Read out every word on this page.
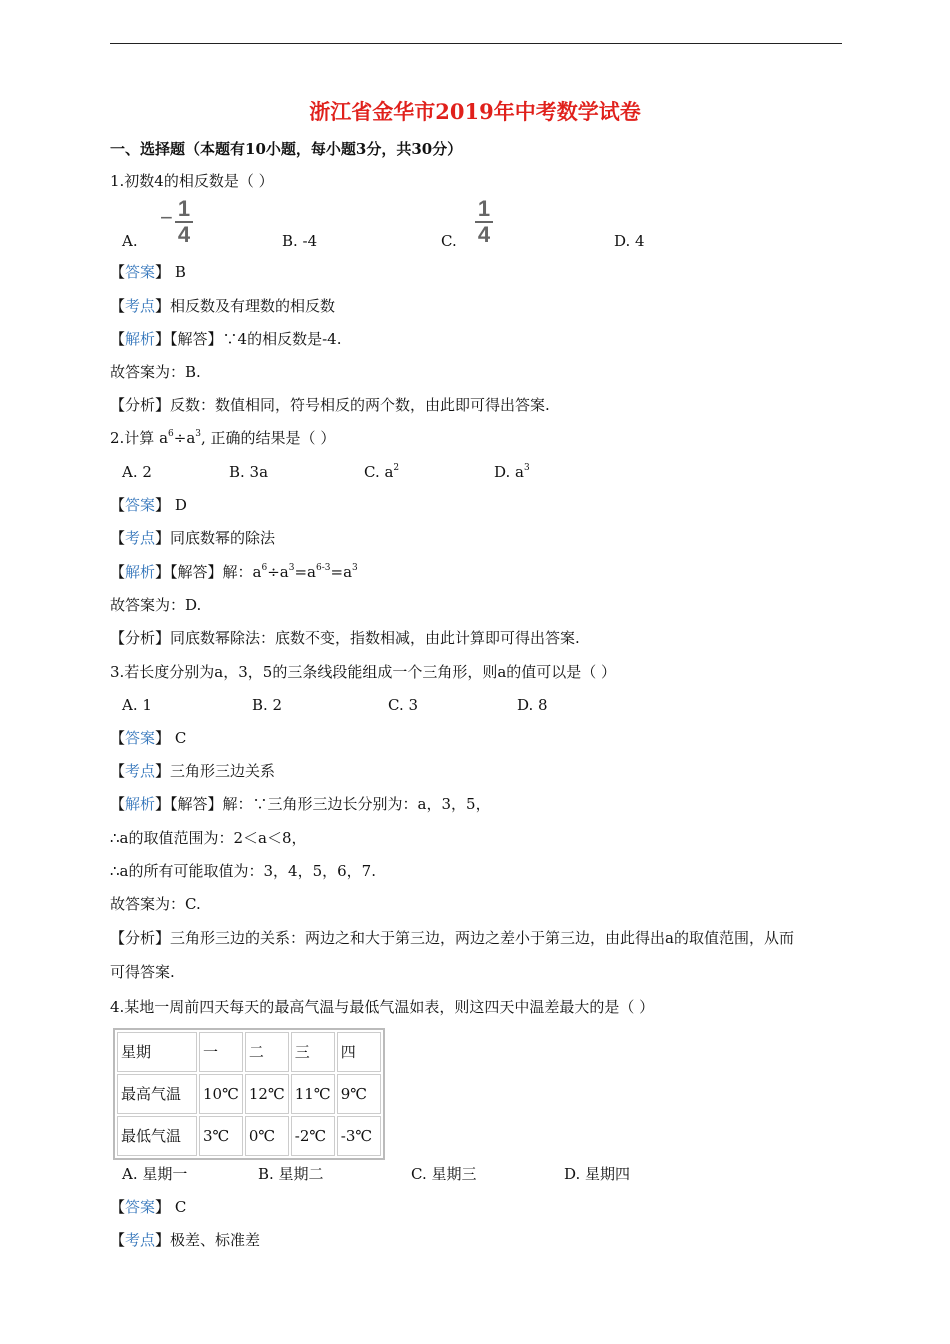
浙江省金华市2019年中考数学试卷
一、选择题（本题有10小题，每小题3分，共30分）
1.初数4的相反数是（ ）
A.
− 1
4	B. -4	C.
1
4	D. 4
【答案】 B
【考点】相反数及有理数的相反数
【解析】【解答】∵4的相反数是-4.
故答案为：B.
【分析】反数：数值相同，符号相反的两个数，由此即可得出答案.
2.计算 $a^6\div a^3$, 正确的结果是（ ）
A. 2	B. 3a	C. $a^2$	D. $a^3$
【答案】 D
【考点】同底数幂的除法
【解析】【解答】解：$a^6\div a^3=a^{6-3}=a^3$
故答案为：D.
【分析】同底数幂除法：底数不变，指数相减，由此计算即可得出答案.
3.若长度分别为a，3，5的三条线段能组成一个三角形，则a的值可以是（ ）
A. 1	B. 2	C. 3	D. 8
【答案】 C
【考点】三角形三边关系
【解析】【解答】解：∵三角形三边长分别为：a，3，5，
∴a的取值范围为：2＜a＜8，
∴a的所有可能取值为：3，4，5，6，7.
故答案为：C.
【分析】三角形三边的关系：两边之和大于第三边，两边之差小于第三边，由此得出a的取值范围，从而
可得答案.
4.某地一周前四天每天的最高气温与最低气温如表，则这四天中温差最大的是（ ）
星期	一	二	三	四
最高气温	10℃	12℃	11℃	9℃
最低气温	3℃	0℃	-2℃	-3℃
A. 星期一	B. 星期二	C. 星期三	D. 星期四
【答案】 C
【考点】极差、标准差
